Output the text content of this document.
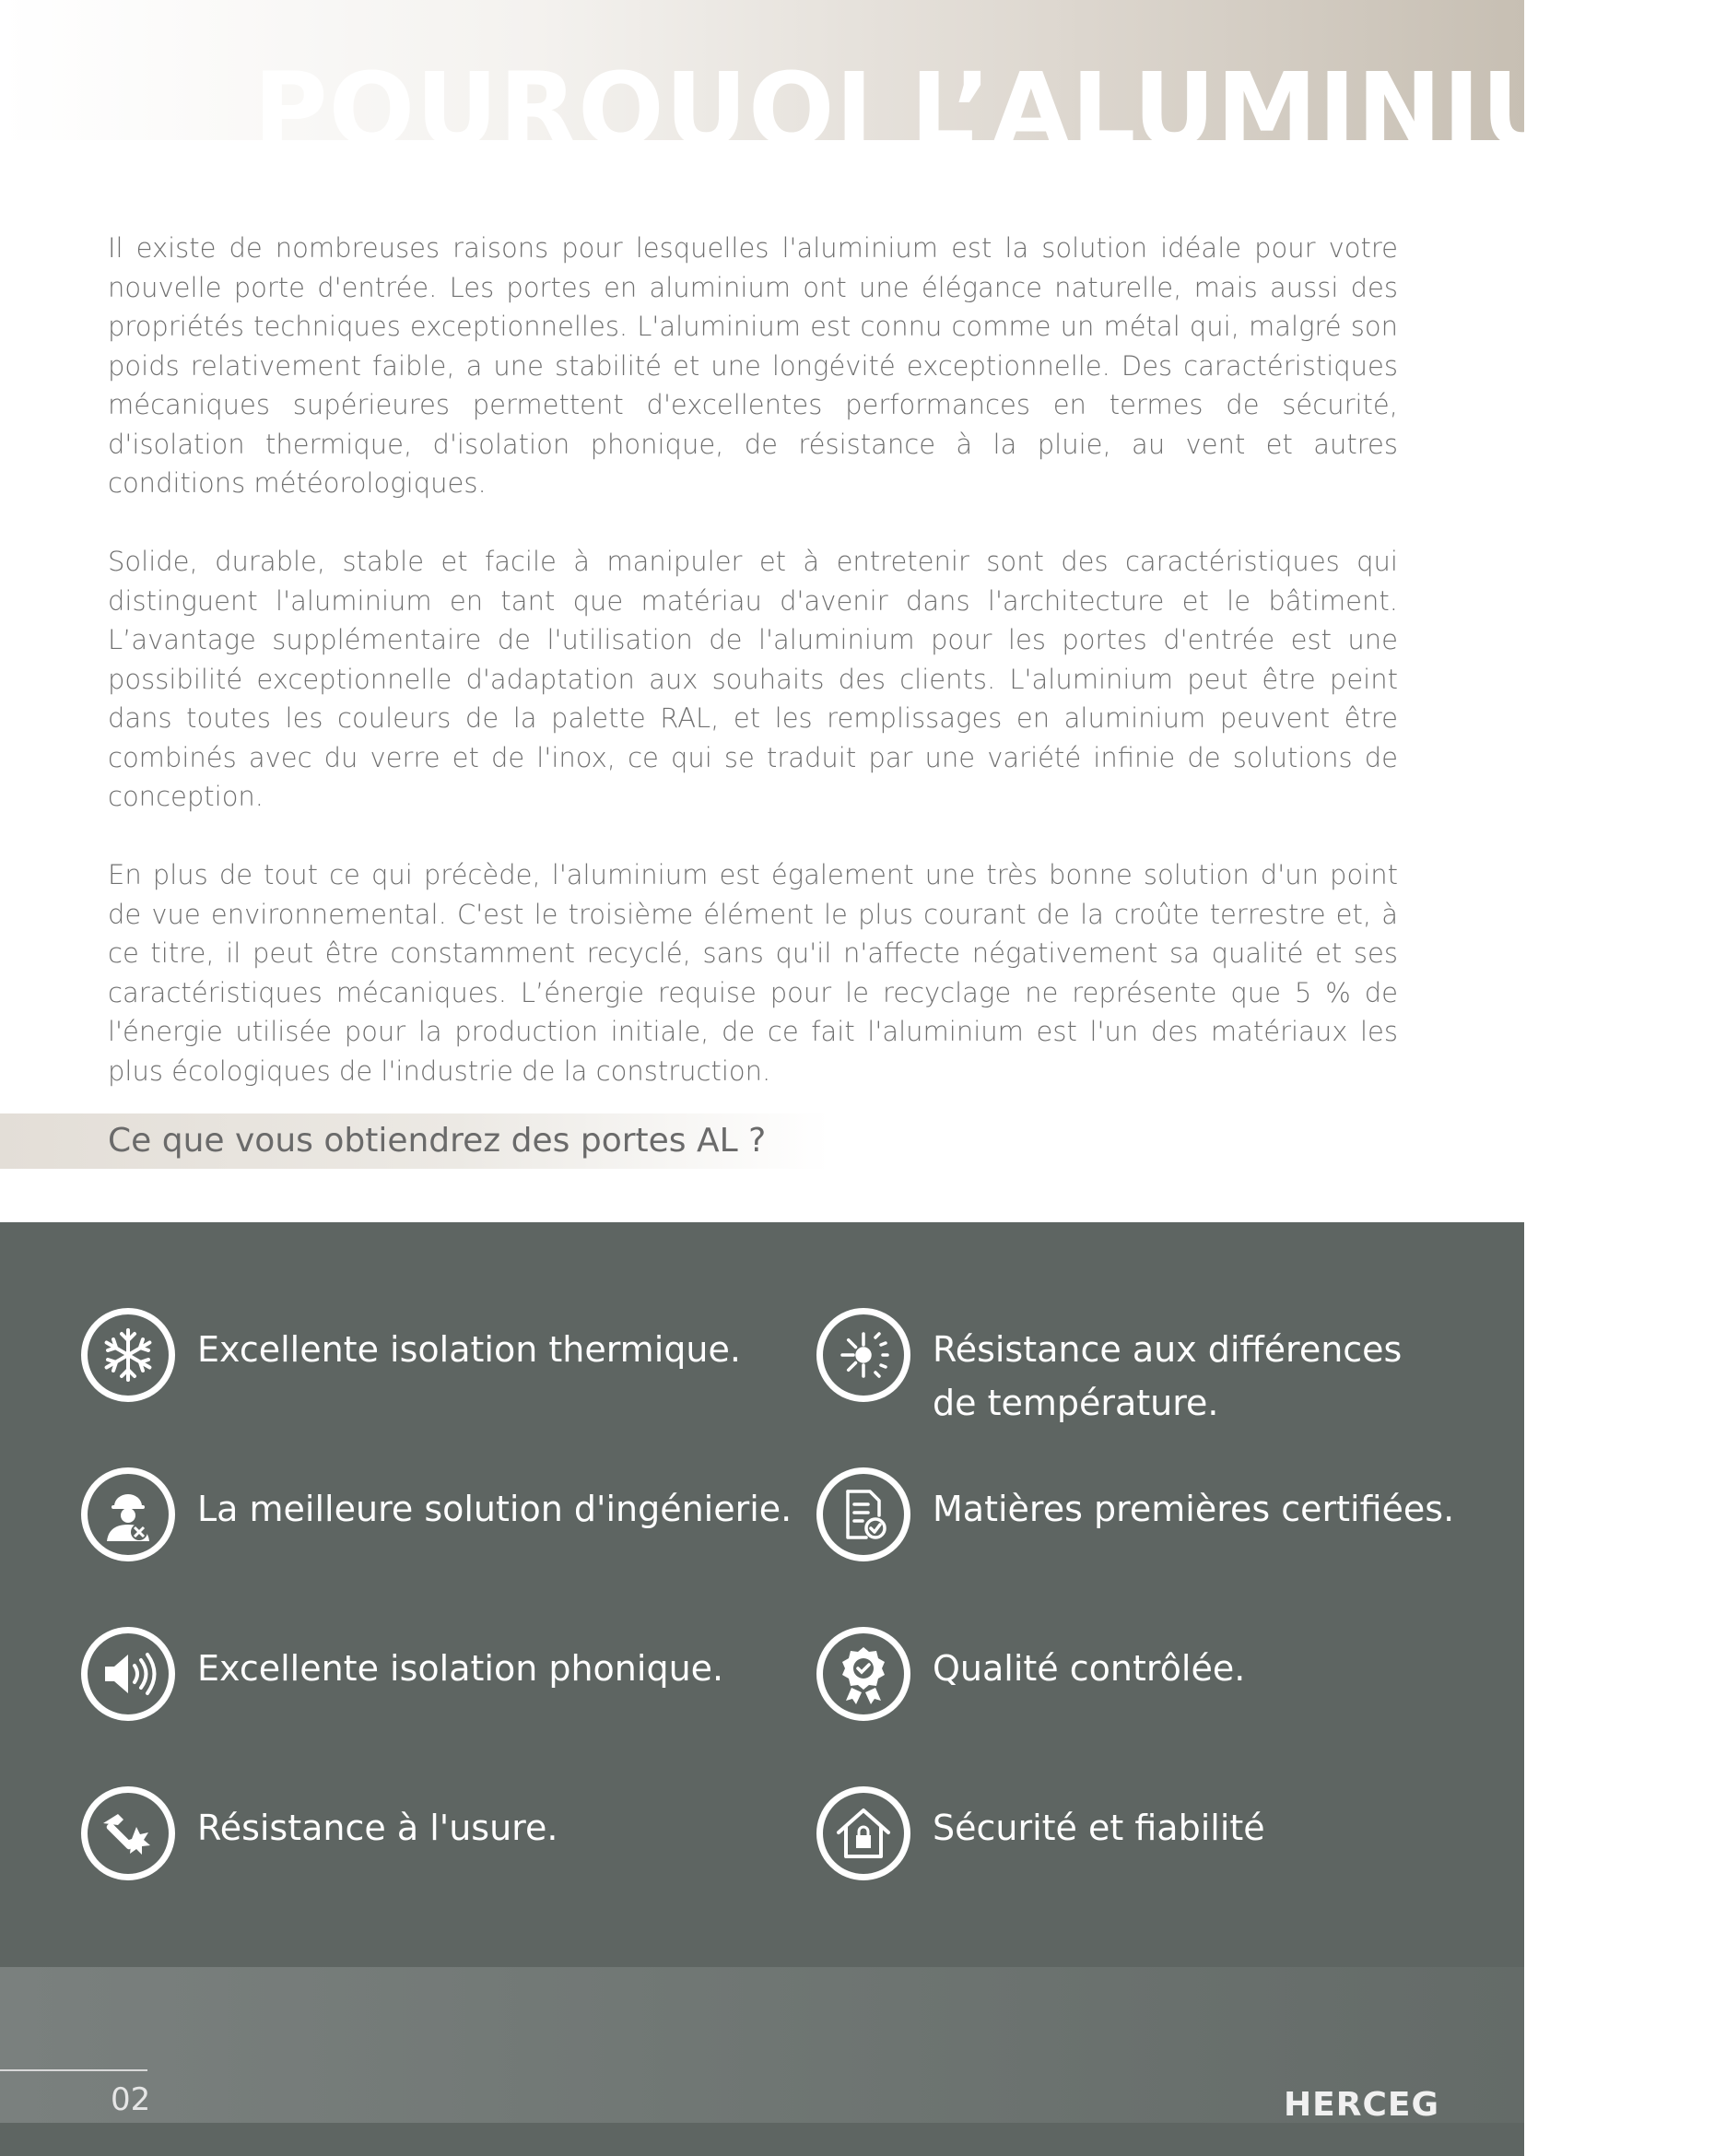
POURQUOI L’ALUMINIUM?
Il existe de nombreuses raisons pour lesquelles l'aluminium est la solution idéale pour votre nouvelle porte d'entrée. Les portes en aluminium ont une élégance naturelle, mais aussi des propriétés techniques exceptionnelles. L'aluminium est connu comme un métal qui, malgré son poids relativement faible, a une stabilité et une longévité exceptionnelle. Des caractéristiques mécaniques supérieures permettent d'excellentes performances en termes de sécurité, d'isolation thermique, d'isolation phonique, de résistance à la pluie, au vent et autres conditions météorologiques.
Solide, durable, stable et facile à manipuler et à entretenir sont des caractéristiques qui distinguent l'aluminium en tant que matériau d'avenir dans l'architecture et le bâtiment. L’avantage supplémentaire de l'utilisation de l'aluminium pour les portes d'entrée est une possibilité exceptionnelle d'adaptation aux souhaits des clients. L'aluminium peut être peint dans toutes les couleurs de la palette RAL, et les remplissages en aluminium peuvent être combinés avec du verre et de l'inox, ce qui se traduit par une variété infinie de solutions de conception.
En plus de tout ce qui précède, l'aluminium est également une très bonne solution d'un point de vue environnemental. C'est le troisième élément le plus courant de la croûte terrestre et, à ce titre, il peut être constamment recyclé, sans qu'il n'affecte négativement sa qualité et ses caractéristiques mécaniques. L’énergie requise pour le recyclage ne représente que 5 % de l'énergie utilisée pour la production initiale, de ce fait l'aluminium est l'un des matériaux les plus écologiques de l'industrie de la construction.
Ce que vous obtiendrez des portes AL ?
Excellente isolation thermique.
La meilleure solution d'ingénierie.
Excellente isolation phonique.
Résistance à l'usure.
Résistance aux différences
de température.
Matières premières certifiées.
Qualité contrôlée.
Sécurité et fiabilité
02	HERCEG
